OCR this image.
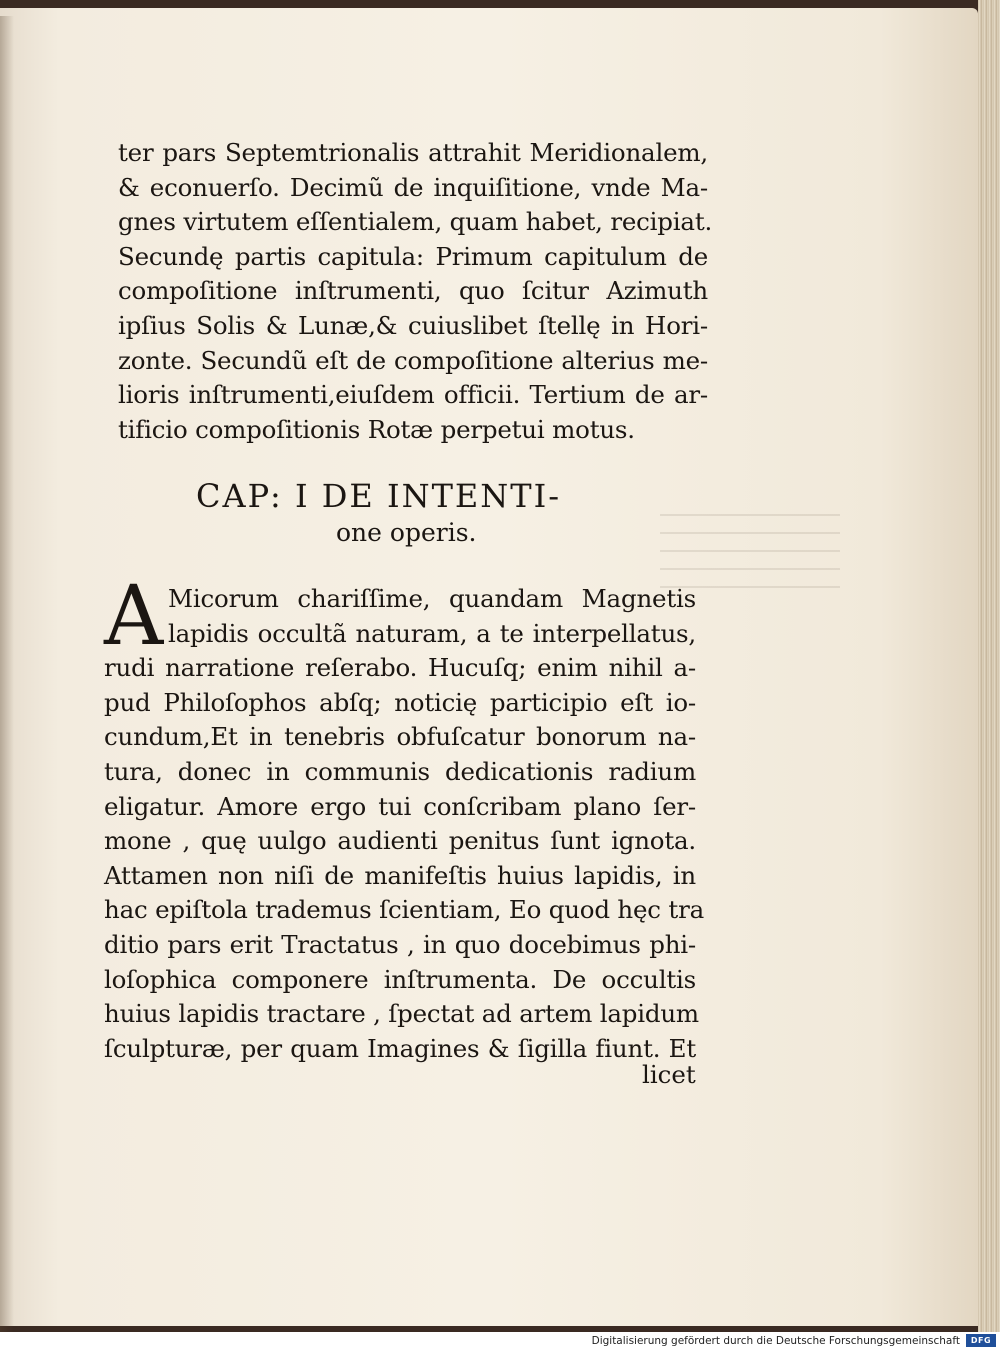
ter pars Septemtrionalis attrahit Meridionalem,
& econuerſo. Decimũ de inquiſitione, vnde Ma-
gnes virtutem eſſentialem, quam habet, recipiat.
Secundę partis capitula: Primum capitulum de
compoſitione inſtrumenti, quo ſcitur Azimuth
ipſius Solis & Lunæ,& cuiuslibet ſtellę in Hori-
zonte. Secundũ eſt de compoſitione alterius me-
lioris inſtrumenti,eiuſdem officii. Tertium de ar-
tificio compoſitionis Rotæ perpetui motus.
CAP: I DE INTENTI-
one operis.
A Micorum chariſſime, quandam Magnetis
lapidis occultã naturam, a te interpellatus,
rudi narratione reſerabo. Hucuſq; enim nihil a-
pud Philoſophos abſq; noticię participio eſt io-
cundum,Et in tenebris obfuſcatur bonorum na-
tura, donec in communis dedicationis radium
eligatur. Amore ergo tui conſcribam plano ſer-
mone , quę uulgo audienti penitus ſunt ignota.
Attamen non niſi de manifeſtis huius lapidis, in
hac epiſtola trademus ſcientiam, Eo quod hęc tra
ditio pars erit Tractatus , in quo docebimus phi-
loſophica componere inſtrumenta. De occultis
huius lapidis tractare , ſpectat ad artem lapidum
ſculpturæ, per quam Imagines & ſigilla fiunt. Et
licet
Digitalisierung gefördert durch die Deutsche Forschungsgemeinschaft	DFG
